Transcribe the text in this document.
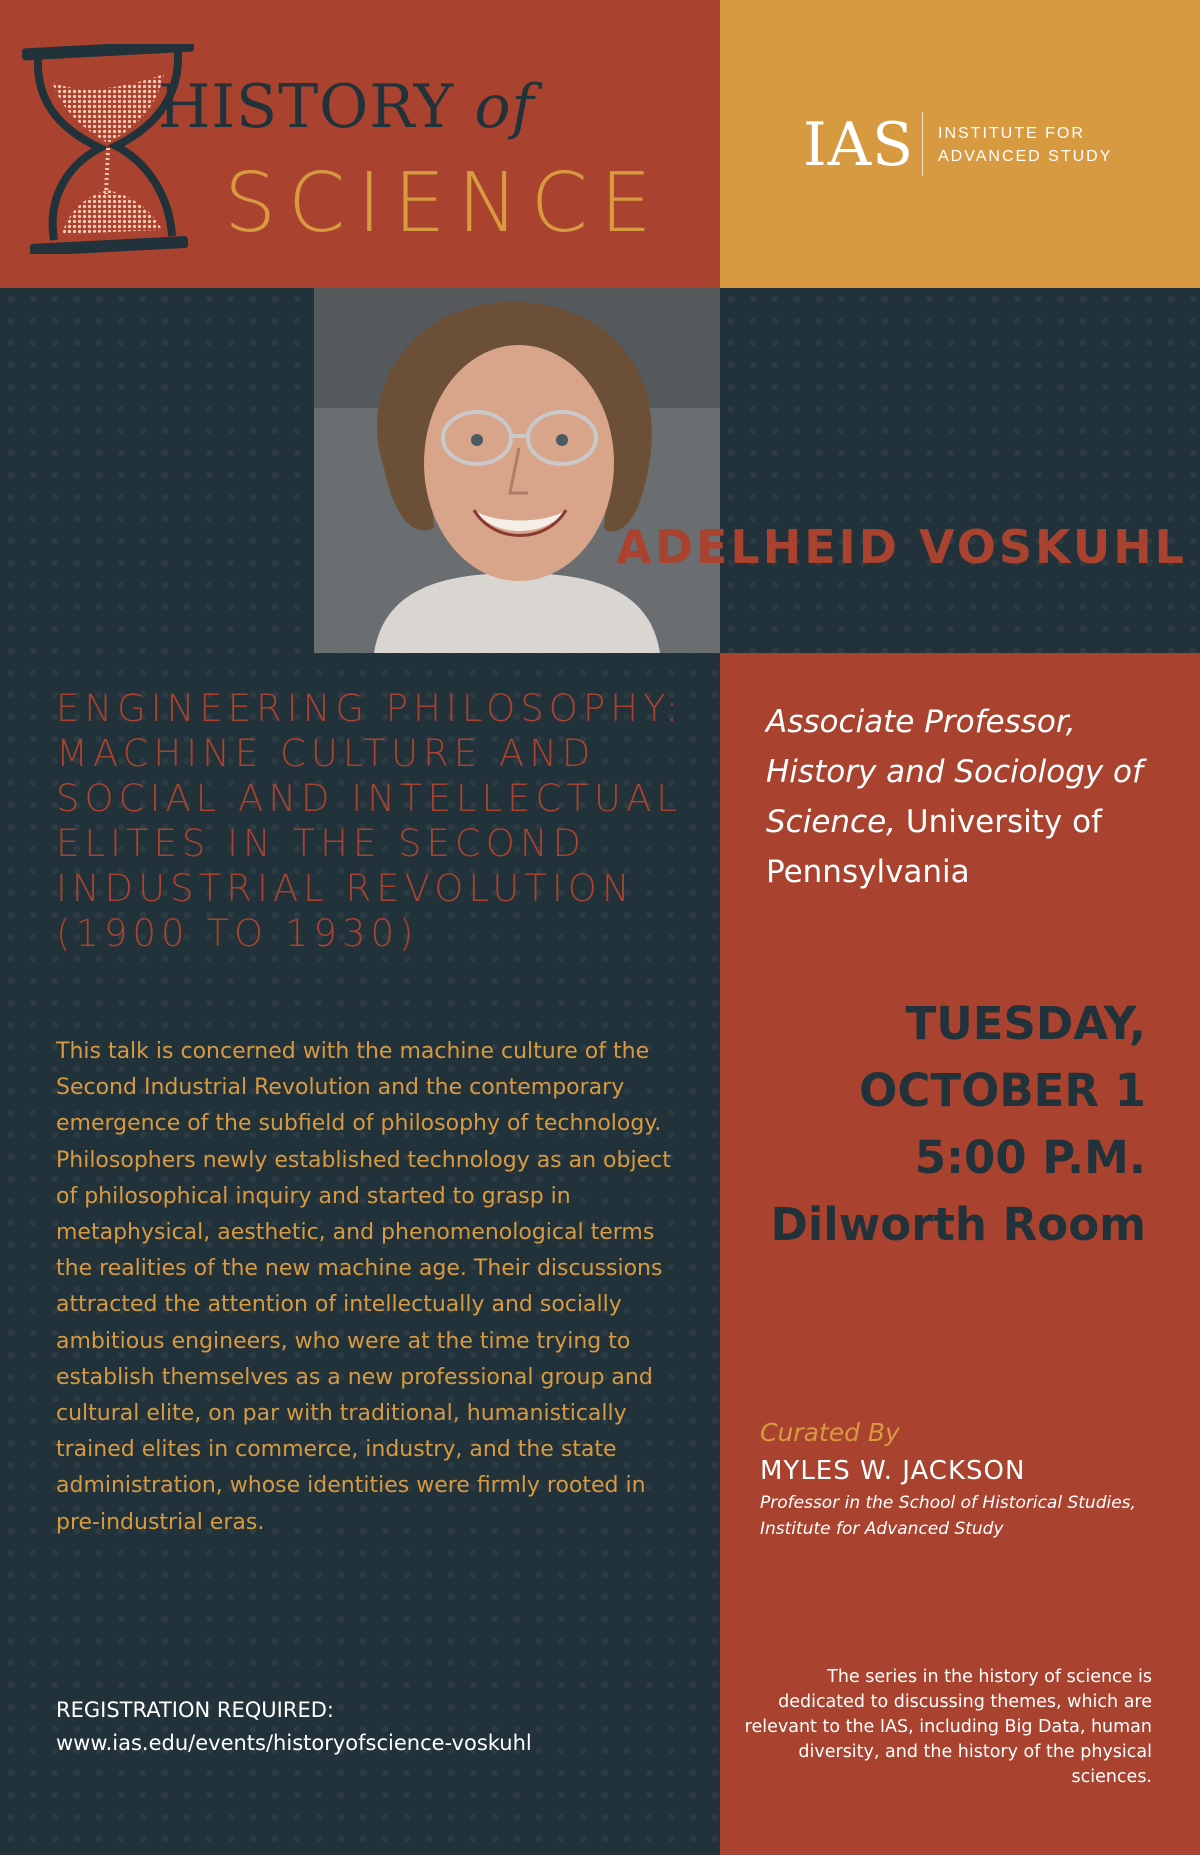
HISTORY of
SCIENCE
IAS INSTITUTE FOR
ADVANCED STUDY
ADELHEID VOSKUHL
ENGINEERING PHILOSOPHY: MACHINE CULTURE AND SOCIAL AND INTELLECTUAL ELITES IN THE SECOND INDUSTRIAL REVOLUTION (1900 TO 1930)
This talk is concerned with the machine culture of the Second Industrial Revolution and the contemporary emergence of the subfield of philosophy of technology. Philosophers newly established technology as an object of philosophical inquiry and started to grasp in metaphysical, aesthetic, and phenomenological terms the realities of the new machine age. Their discussions attracted the attention of intellectually and socially ambitious engineers, who were at the time trying to establish themselves as a new professional group and cultural elite, on par with traditional, humanistically trained elites in commerce, industry, and the state administration, whose identities were firmly rooted in pre-industrial eras.
REGISTRATION REQUIRED:
www.ias.edu/events/historyofscience-voskuhl
Associate Professor, History and Sociology of Science, University of Pennsylvania
TUESDAY,
OCTOBER 1
5:00 P.M.
Dilworth Room
Curated By
MYLES W. JACKSON
Professor in the School of Historical Studies, Institute for Advanced Study
The series in the history of science is dedicated to discussing themes, which are relevant to the IAS, including Big Data, human diversity, and the history of the physical sciences.
